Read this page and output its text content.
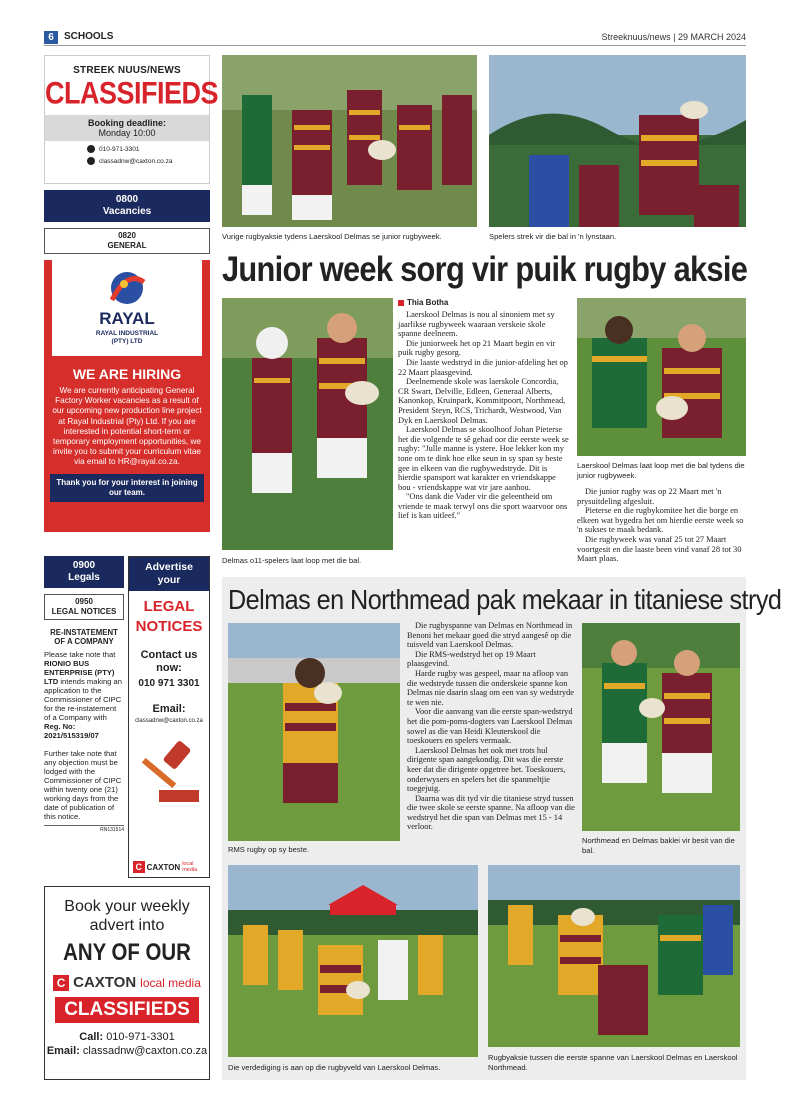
6	SCHOOLS	Streeknuus/news | 29 MARCH 2024
STREEK NUUS/NEWS
CLASSIFIEDS
Booking deadline:
Monday 10:00
010-971-3301
classadnw@caxton.co.za
0800
Vacancies
0820
GENERAL
RAYAL
RAYAL INDUSTRIAL (PTY) LTD
WE ARE HIRING
We are currently anticipating General Factory Worker vacancies as a result of our upcoming new production line project at Rayal Industrial (Pty) Ltd. If you are interested in potential short-term or temporary employment opportunities, we invite you to submit your curriculum vitae via email to HR@rayal.co.za.
Thank you for your interest in joining our team.
0900
Legals
0950
LEGAL NOTICES
RE-INSTATEMENT OF A COMPANY
Please take note that RIONIO BUS ENTERPRISE (PTY) LTD intends making an application to the Commissioner of CIPC for the re-instatement of a Company with Reg. No: 2021/515319/07
Further take note that any objection must be lodged with the Commissioner of CIPC within twenty one (21) working days from the date of publication of this notice.
RN131514
Advertise
your
LEGAL
NOTICES
Contact us now:
010 971 3301
Email:
classadnw@caxton.co.za
C CAXTON local media
Book your weekly
advert into
ANY OF OUR
C CAXTON local media
CLASSIFIEDS
Call: 010-971-3301
Email: classadnw@caxton.co.za
Vurige rugbyaksie tydens Laerskool Delmas se junior rugbyweek.	Spelers strek vir die bal in 'n lynstaan.
Junior week sorg vir puik rugby aksie
Delmas o11-spelers laat loop met die bal.
Thia Botha

Laerskool Delmas is nou al sinoniem met sy jaarlikse rugbyweek waaraan verskeie skole spanne deelneem.

Die juniorweek het op 21 Maart begin en vir puik rugby gesorg.

Die laaste wedstryd in die junior-afdeling het op 22 Maart plaasgevind.

Deelnemende skole was laerskole Concordia, CR Swart, Delville, Edleen, Generaal Alberts, Kanonkop, Kruinpark, Kommitpoort, Northmead, President Steyn, RCS, Trichardt, Westwood, Van Dyk en Laerskool Delmas.

Laerskool Delmas se skoolhoof Johan Pieterse het die volgende te sê gehad oor die eerste week se rugby: "Julle manne is ystere. Hoe lekker kon my tone om te dink hoe elke seun in sy span sy beste gee in elkeen van die rugbywedstryde. Dit is hierdie spansport wat karakter en vriendskappe bou - vriendskappe wat vir jare aanhou.

"Ons dank die Vader vir die geleentheid om vriende te maak terwyl ons die sport waarvoor ons lief is kan uitleef."

Laerskool Delmas laat loop met die bal tydens die junior rugbyweek.

Die junior rugby was op 22 Maart met 'n prysuitdeling afgesluit.

Pieterse en die rugbykomitee het die borge en elkeen wat bygedra het om hierdie eerste week so 'n sukses te maak bedank.

Die rugbyweek was vanaf 25 tot 27 Maart voortgesit en die laaste been vind vanaf 28 tot 30 Maart plaas.

Delmas en Northmead pak mekaar in titaniese stryd
RMS rugby op sy beste.

Die rugbyspanne van Delmas en Northmead in Benoni het mekaar goed die stryd aangesê op die tuisveld van Laerskool Delmas.

Die RMS-wedstryd het op 19 Maart plaasgevind.

Harde rugby was gespeel, maar na afloop van die wedstryde tussen die onderskeie spanne kon Delmas nie daarin slaag om een van sy wedstryde te wen nie.

Voor die aanvang van die eerste span-wedstryd het die pom-poms-dogters van Laerskool Delmas sowel as die van Heidi Kleuterskool die toeskouers en spelers vermaak.

Laerskool Delmas het ook met trots hul dirigente span aangekondig. Dit was die eerste keer dat die dirigente opgetree het. Toeskouers, onderwysers en spelers het die spanmeltjie toegejuig.

Daarna was dit tyd vir die titaniese stryd tussen die twee skole se eerste spanne. Na afloop van die wedstryd het die span van Delmas met 15 - 14 verloor.

Northmead en Delmas baklei vir besit van die bal.
Die verdediging is aan op die rugbyveld van Laerskool Delmas.
Rugbyaksie tussen die eerste spanne van Laerskool Delmas en Laerskool Northmead.
